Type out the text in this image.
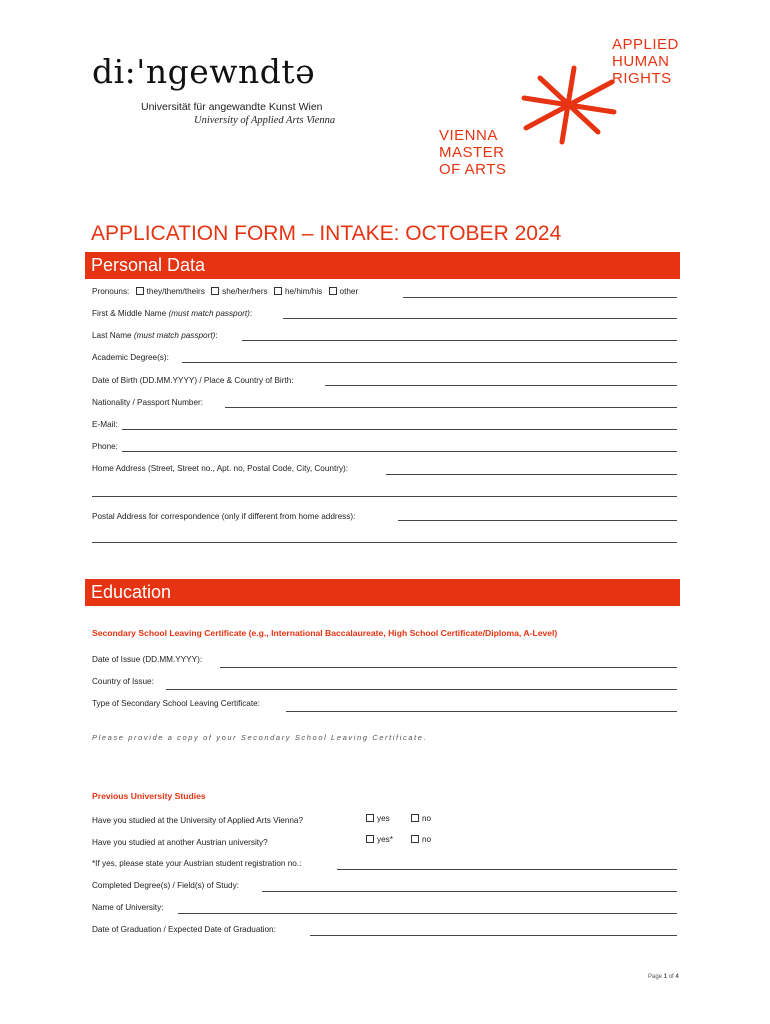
di:'ngewndtə
Universität für angewandte Kunst Wien
University of Applied Arts Vienna
APPLIED
HUMAN
RIGHTS
VIENNA
MASTER
OF ARTS
APPLICATION FORM – INTAKE: OCTOBER 2024
Personal Data
Pronouns: they/them/theirs she/her/hers he/him/his other
First & Middle Name (must match passport):
Last Name (must match passport):
Academic Degree(s):
Date of Birth (DD.MM.YYYY) / Place & Country of Birth:
Nationality / Passport Number:
E-Mail:
Phone:
Home Address (Street, Street no., Apt. no, Postal Code, City, Country):
Postal Address for correspondence (only if different from home address):
Education
Secondary School Leaving Certificate (e.g., International Baccalaureate, High School Certificate/Diploma, A-Level)
Date of Issue (DD.MM.YYYY):
Country of Issue:
Type of Secondary School Leaving Certificate:
Please provide a copy of your Secondary School Leaving Certificate.
Previous University Studies
Have you studied at the University of Applied Arts Vienna?	yes	no
Have you studied at another Austrian university?	yes*	no
*If yes, please state your Austrian student registration no.:
Completed Degree(s) / Field(s) of Study:
Name of University:
Date of Graduation / Expected Date of Graduation:
Page 1 of 4
